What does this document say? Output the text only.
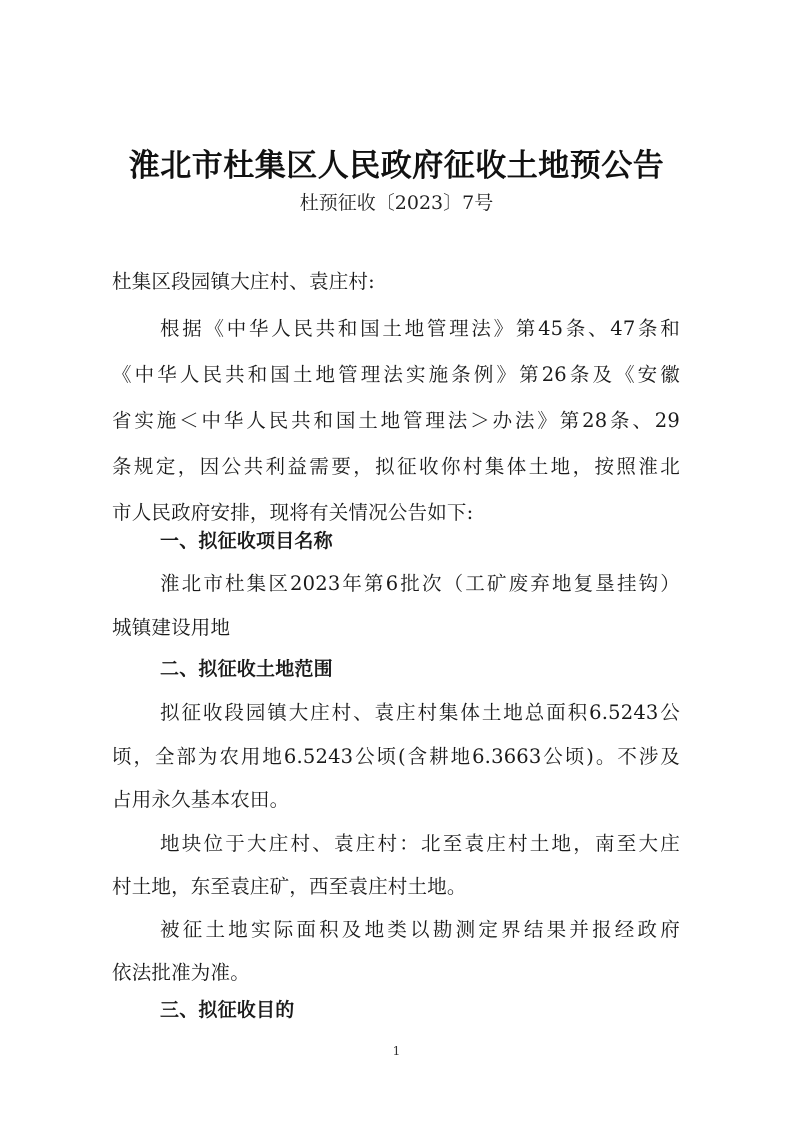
淮北市杜集区人民政府征收土地预公告
杜预征收〔2023〕7号
杜集区段园镇大庄村、袁庄村:
根据《中华人民共和国土地管理法》第45条、47条和
《中华人民共和国土地管理法实施条例》第26条及《安徽
省实施＜中华人民共和国土地管理法＞办法》第28条、29
条规定，因公共利益需要，拟征收你村集体土地，按照淮北
市人民政府安排，现将有关情况公告如下:
一、拟征收项目名称
淮北市杜集区2023年第6批次（工矿废弃地复垦挂钩）
城镇建设用地
二、拟征收土地范围
拟征收段园镇大庄村、袁庄村集体土地总面积6.5243公
顷，全部为农用地6.5243公顷(含耕地6.3663公顷)。不涉及
占用永久基本农田。
地块位于大庄村、袁庄村：北至袁庄村土地，南至大庄
村土地，东至袁庄矿，西至袁庄村土地。
被征土地实际面积及地类以勘测定界结果并报经政府
依法批准为准。
三、拟征收目的
1
